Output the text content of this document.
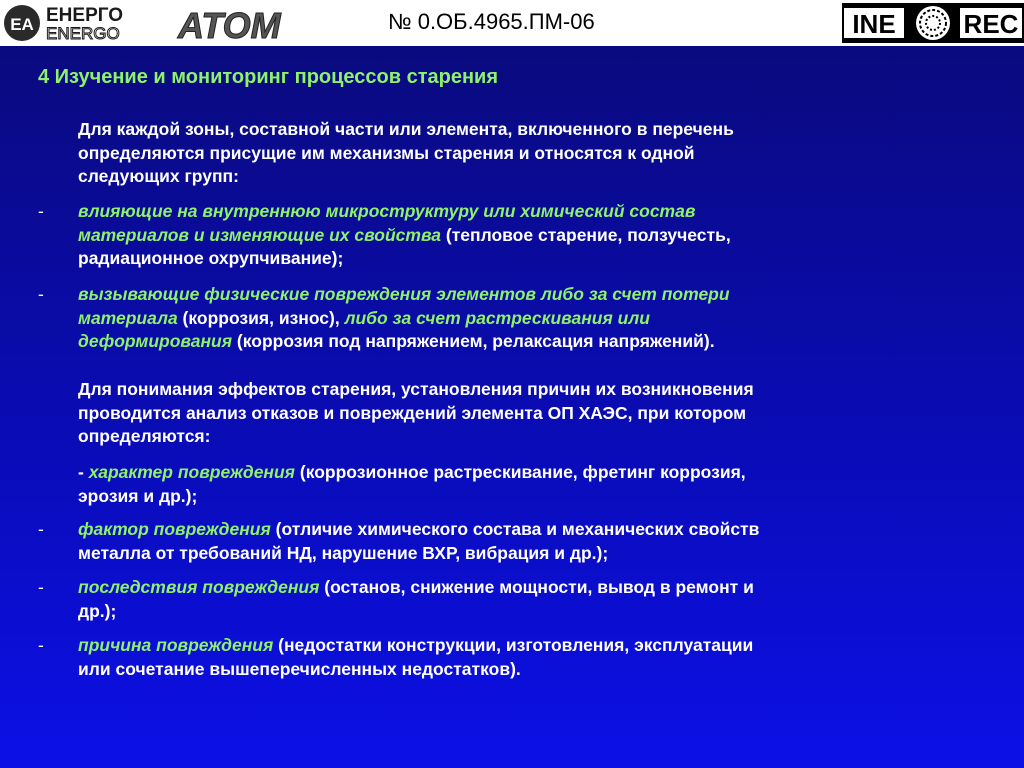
EA ЕНЕРГО
ENERGO ATOM	№ 0.ОБ.4965.ПМ-06	INE	REC
4 Изучение и мониторинг процессов старения
Для каждой зоны, составной части или элемента, включенного в перечень
определяются присущие им механизмы старения и относятся к одной
следующих групп:
- влияющие на внутреннюю микроструктуру или химический состав
материалов и изменяющие их свойства (тепловое старение, ползучесть,
радиационное охрупчивание);
- вызывающие физические повреждения элементов либо за счет потери
материала (коррозия, износ), либо за счет растрескивания или
деформирования (коррозия под напряжением, релаксация напряжений).
Для понимания эффектов старения, установления причин их возникновения
проводится анализ отказов и повреждений элемента ОП ХАЭС, при котором
определяются:
- характер повреждения (коррозионное растрескивание, фретинг коррозия,
эрозия и др.);
- фактор повреждения (отличие химического состава и механических свойств
металла от требований НД, нарушение ВХР, вибрация и др.);
- последствия повреждения (останов, снижение мощности, вывод в ремонт и
др.);
- причина повреждения (недостатки конструкции, изготовления, эксплуатации
или сочетание вышеперечисленных недостатков).
